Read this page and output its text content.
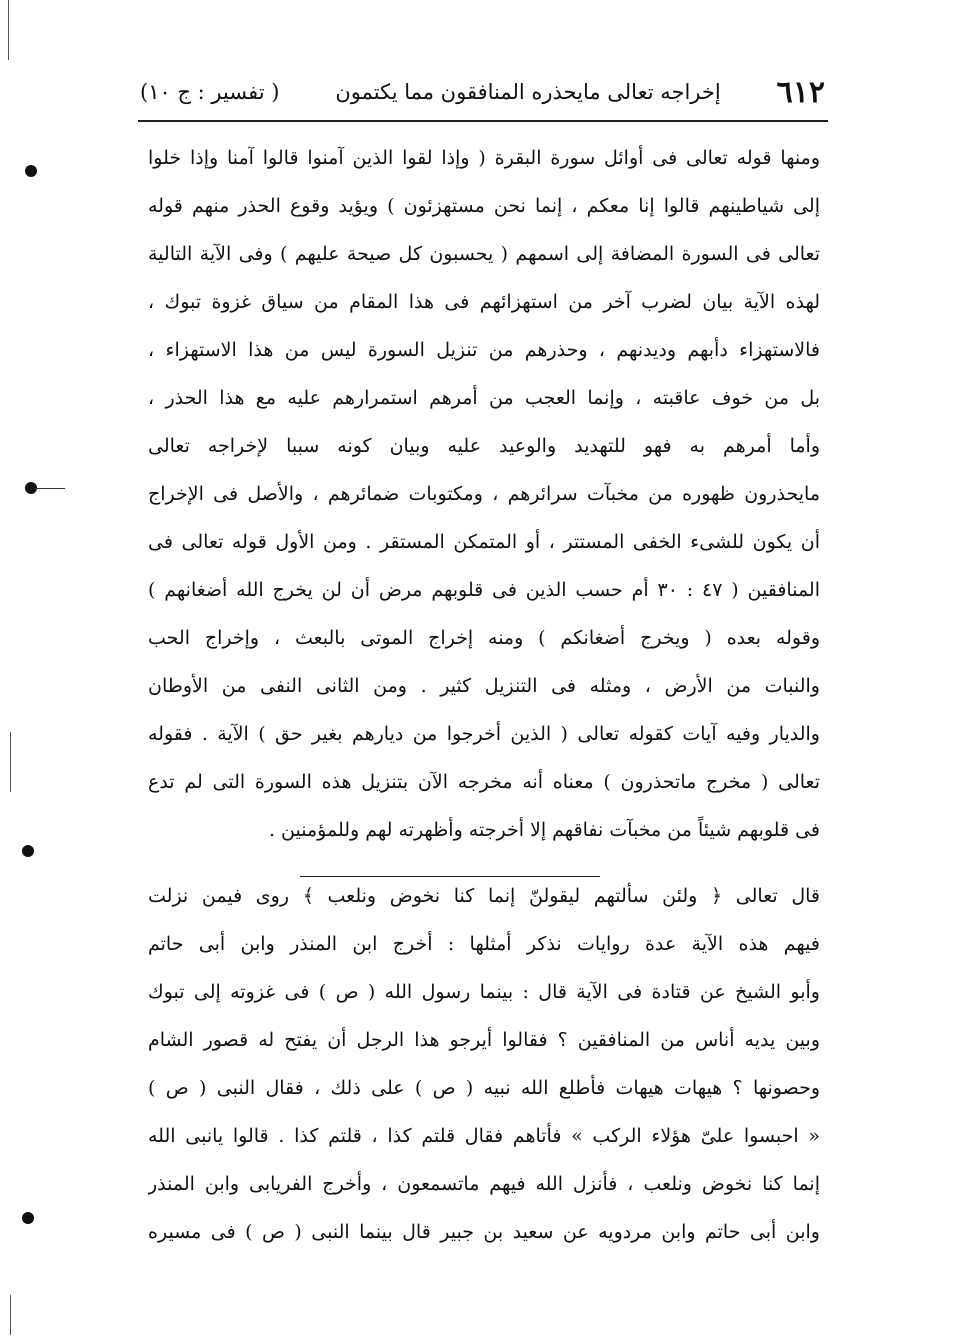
٦١٢
إخراجه تعالى مايحذره المنافقون مما يكتمون
( تفسير : ج ١٠)
ومنها قوله تعالى فى أوائل سورة البقرة ( وإذا لقوا الذين آمنوا قالوا آمنا وإذا خلوا
إلى شياطينهم قالوا إنا معكم ، إنما نحن مستهزئون ) ويؤيد وقوع الحذر منهم قوله
تعالى فى السورة المضافة إلى اسمهم ( يحسبون كل صيحة عليهم ) وفى الآية التالية
لهذه الآية بيان لضرب آخر من استهزائهم فى هذا المقام من سياق غزوة تبوك ،
فالاستهزاء دأبهم وديدنهم ، وحذرهم من تنزيل السورة ليس من هذا الاستهزاء ،
بل من خوف عاقبته ، وإنما العجب من أمرهم استمرارهم عليه مع هذا الحذر ،
وأما أمرهم به فهو للتهديد والوعيد عليه وبيان كونه سببا لإخراجه تعالى
مايحذرون ظهوره من مخبآت سرائرهم ، ومكتوبات ضمائرهم ، والأصل فى الإخراج
أن يكون للشىء الخفى المستتر ، أو المتمكن المستقر . ومن الأول قوله تعالى فى
المنافقين ( ٤٧ : ٣٠ أم حسب الذين فى قلوبهم مرض أن لن يخرج الله أضغانهم )
وقوله بعده ( ويخرج أضغانكم ) ومنه إخراج الموتى بالبعث ، وإخراج الحب
والنبات من الأرض ، ومثله فى التنزيل كثير . ومن الثانى النفى من الأوطان
والديار وفيه آيات كقوله تعالى ( الذين أخرجوا من ديارهم بغير حق ) الآية . فقوله
تعالى ( مخرج ماتحذرون ) معناه أنه مخرجه الآن بتنزيل هذه السورة التى لم تدع
فى قلوبهم شيئاً من مخبآت نفاقهم إلا أخرجته وأظهرته لهم وللمؤمنين .
قال تعالى ﴿ ولئن سألتهم ليقولنّ إنما كنا نخوض ونلعب ﴾ روى فيمن نزلت
فيهم هذه الآية عدة روايات نذكر أمثلها : أخرج ابن المنذر وابن أبى حاتم
وأبو الشيخ عن قتادة فى الآية قال : بينما رسول الله ( ص ) فى غزوته إلى تبوك
وبين يديه أناس من المنافقين ؟ فقالوا أيرجو هذا الرجل أن يفتح له قصور الشام
وحصونها ؟ هيهات هيهات فأطلع الله نبيه ( ص ) على ذلك ، فقال النبى ( ص )
« احبسوا علىّ هؤلاء الركب » فأتاهم فقال قلتم كذا ، قلتم كذا . قالوا يانبى الله
إنما كنا نخوض ونلعب ، فأنزل الله فيهم ماتسمعون ، وأخرج الفريابى وابن المنذر
وابن أبى حاتم وابن مردويه عن سعيد بن جبير قال بينما النبى ( ص ) فى مسيره
